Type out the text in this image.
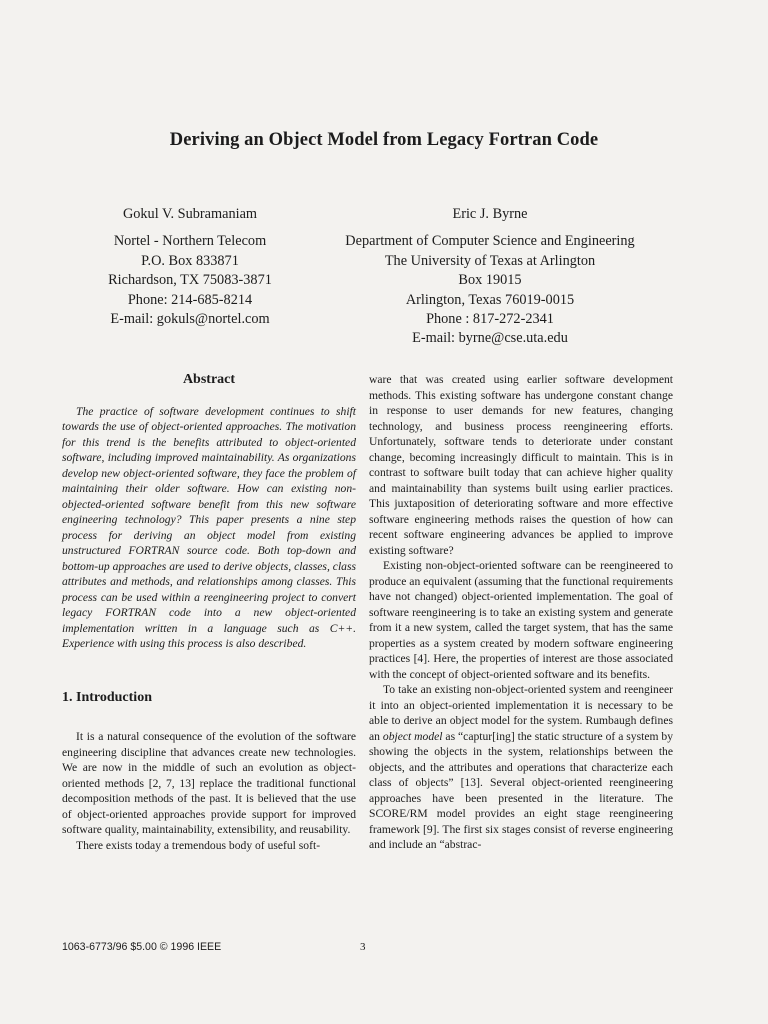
Deriving an Object Model from Legacy Fortran Code
Gokul V. Subramaniam
Nortel - Northern Telecom
P.O. Box 833871
Richardson, TX 75083-3871
Phone: 214-685-8214
E-mail: gokuls@nortel.com
Eric J. Byrne
Department of Computer Science and Engineering
The University of Texas at Arlington
Box 19015
Arlington, Texas 76019-0015
Phone : 817-272-2341
E-mail: byrne@cse.uta.edu
Abstract

The practice of software development continues to shift towards the use of object-oriented approaches. The motivation for this trend is the benefits attributed to object-oriented software, including improved maintainability. As organizations develop new object-oriented software, they face the problem of maintaining their older software. How can existing non-objected-oriented software benefit from this new software engineering technology? This paper presents a nine step process for deriving an object model from existing unstructured FORTRAN source code. Both top-down and bottom-up approaches are used to derive objects, classes, class attributes and methods, and relationships among classes. This process can be used within a reengineering project to convert legacy FORTRAN code into a new object-oriented implementation written in a language such as C++. Experience with using this process is also described.

1. Introduction

It is a natural consequence of the evolution of the software engineering discipline that advances create new technologies. We are now in the middle of such an evolution as object-oriented methods [2, 7, 13] replace the traditional functional decomposition methods of the past. It is believed that the use of object-oriented approaches provide support for improved software quality, maintainability, extensibility, and reusability.

There exists today a tremendous body of useful soft-

ware that was created using earlier software development methods. This existing software has undergone constant change in response to user demands for new features, changing technology, and business process reengineering efforts. Unfortunately, software tends to deteriorate under constant change, becoming increasingly difficult to maintain. This is in contrast to software built today that can achieve higher quality and maintainability than systems built using earlier practices. This juxtaposition of deteriorating software and more effective software engineering methods raises the question of how can recent software engineering advances be applied to improve existing software?

Existing non-object-oriented software can be reengineered to produce an equivalent (assuming that the functional requirements have not changed) object-oriented implementation. The goal of software reengineering is to take an existing system and generate from it a new system, called the target system, that has the same properties as a system created by modern software engineering practices [4]. Here, the properties of interest are those associated with the concept of object-oriented software and its benefits.

To take an existing non-object-oriented system and reengineer it into an object-oriented implementation it is necessary to be able to derive an object model for the system. Rumbaugh defines an object model as “captur[ing] the static structure of a system by showing the objects in the system, relationships between the objects, and the attributes and operations that characterize each class of objects” [13]. Several object-oriented reengineering approaches have been presented in the literature. The SCORE/RM model provides an eight stage reengineering framework [9]. The first six stages consist of reverse engineering and include an “abstrac-

1063-6773/96 $5.00 © 1996 IEEE	3
